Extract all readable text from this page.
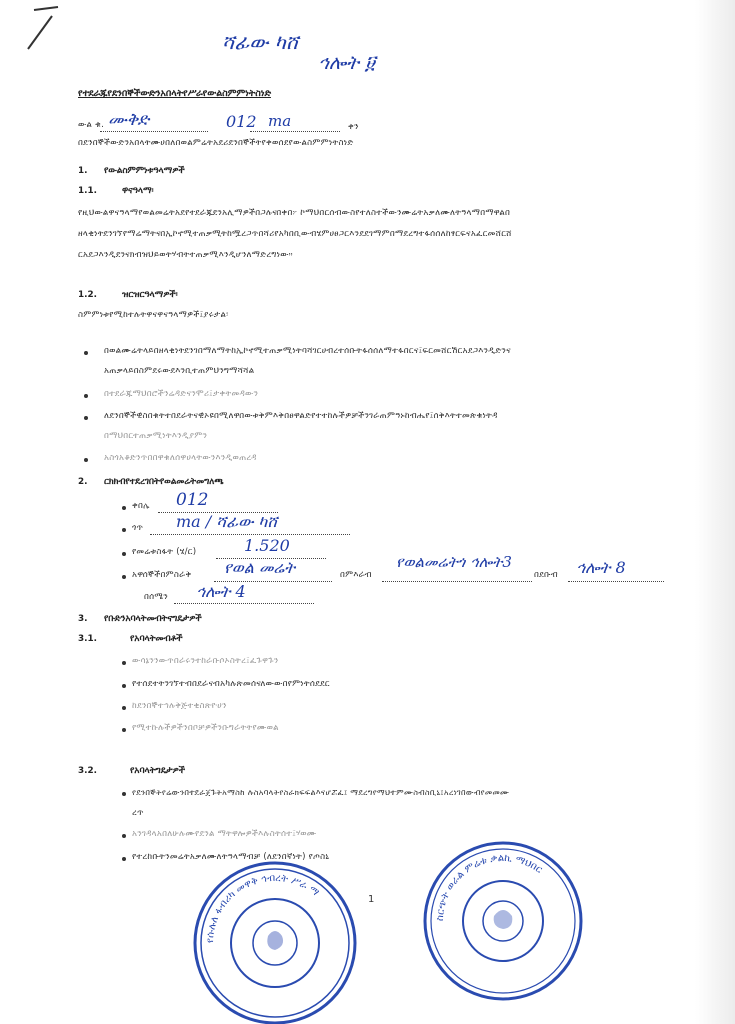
ሻፊው ካሸ
ኅሎት ፱
የተደራጁየደንበኞችውድንአበላትየሥራየውልስምምነትስነድ
ውል ቁ. ሙቅድ	012 ma	ቀን
በደንበኞችውድንአበላትሙሀበለበወልምሬትአደሪደንበኞችትየቀወሰደየውልስምምነትስነድ
1. የውልስምምነቱዓላማዎች
1.1.	ዋናዓላማ፡
የዚህውልዋናዓላማየወልመሬትአደየተደራጁደንአሊማዎችበጋሉናበቀበ፦ ኮማህበርሰብውስየተለስተችውንሙሬትአቃለሙለትዓላማበማዋልበ
ዘላቂነትደንገኘየማሬማትናበኢኮኖሚተጠቃሚትከሟረጋጥበሻሪየአካበቢውብሄምሀፀጋርእንደደገማምበማደረግተፋሰሰለከፃርፍናአፈርመሸርሸ
ርአደጋእንዲደንናክብዝህይወትሃብትተጠቃሚእንዲሆንለማድረግነው።
1.2.	ዝርዝርዓላማዎች፡
ስምምነቱየሚከተሉትዋናዋናዓላማዎች፤ያሩታል፡
በወልሙሬትላይበዘላቂነትደንገበማለማትከኢኮኖሚተጠቃሚነትባሻገርሀብረተሰቡትፋሰሰለማተፋበርና፤ፍርመሸርሽርአደጋእንዲድንና
አጠቃላይበስምደሩውደእንቢተጠምህንግማሻሻል
በተደራጁማህበሮችንሬዳድናንሞሪ፤ታቀትመዳውን
ለደንበኞችዊስበቁትተበደራትናዊኦዩበሚለዋበውቱቅምእቅበፀዋልድየተተከሉችዎቻችንገራጠምዓኑከብሔየ፤ሰቅእትተመጵቁነትዳ
በማህበርተጠቃሚነትእንዲያምን
አስጎአቆድንጥበበዋቁለሰዋሀላትውንእንዲወጠረዳ
2. ርክክብየተደረገበትየወልመሬትመግለጫ
ቀበሌ 012
ጎጥ ma / ሻፊው ካሸ
የመሬቱስፋት (ሄ/ር)	1.520
አዋሰኞችበምስራቅ የወል መሬት	በምእራብ
የወልመሬትጎ ኅሎት3
በደቡብ ኅሎት 8
በሰሜን ኅሎት 4
3. የቡድንአባላትመብትናግዴታዎች
3.1.	የአባላትመብቶች
ውሳኔንንውጥበራሩንተከራቡሶኦስትረ፤ፈጉዋጉን
የተሰደተትንገኘተብበደራናብአካሉጽመሰናለውውበየምነትሰደደር
ከደንበኞተኅሉቅጅተቂስጽዮሀን
የሚተኩሉችዎችንበቦቻዎችንቡግራትትየሙወል
3.2.	የአባላትግዴታዎች
የደንበኞትየሬውንበተደራጀጉትአማስከ ሉስአባላትየስራክፍፍልእናሆሯፈ፤ ማደረግየማህተምሙስብስቢኒ፤አረነገበውብየመመሙ
ረጥ
አንገዳላአበለሁሉሙየደንል ማትዋሎዎችእሉስትሰተ፤ሃወሙ
የተረከቡትንመሬትአቃለሙለትዓላማብቻ (ለደንበኛነት) የጦስኒ
1
የሱሉለ ፋብሪካ መዋቅ ኅብረት ሥራ ማ
ስርጭት ወራል ምሬቱ ቃልኪ ማህበር
